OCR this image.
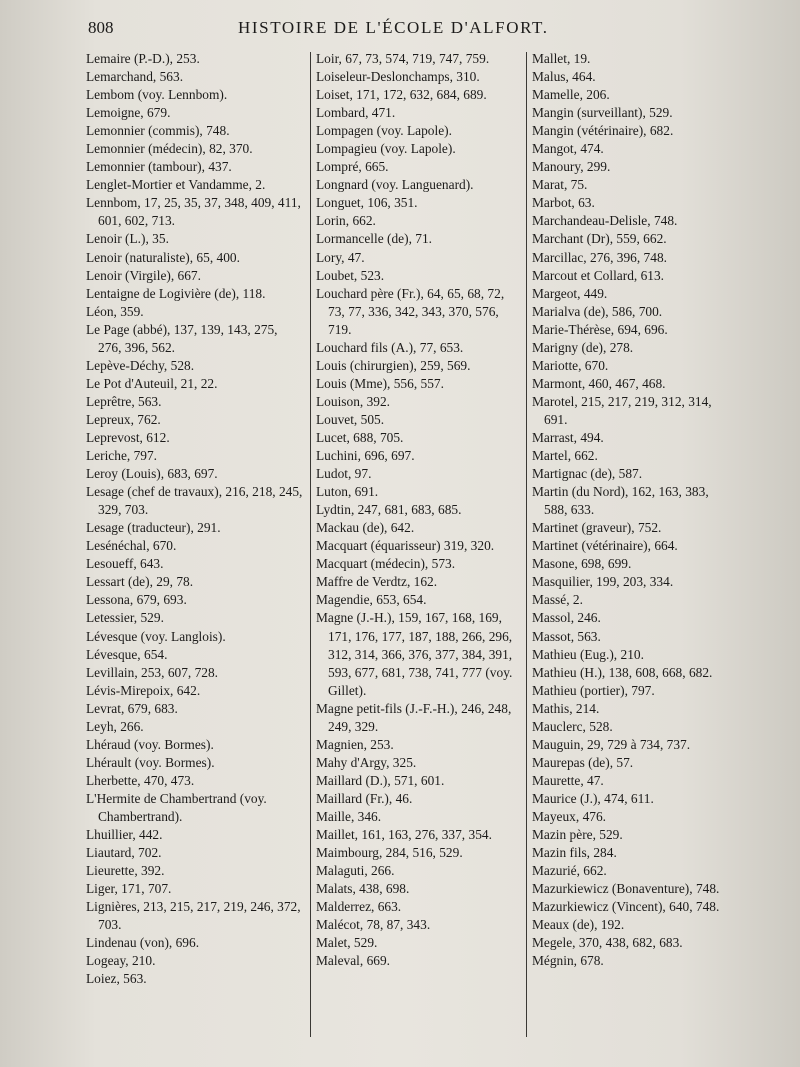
808	HISTOIRE DE L'ÉCOLE D'ALFORT.
Lemaire (P.-D.), 253.
Lemarchand, 563.
Lembom (voy. Lennbom).
Lemoigne, 679.
Lemonnier (commis), 748.
Lemonnier (médecin), 82, 370.
Lemonnier (tambour), 437.
Lenglet-Mortier et Vandamme, 2.
Lennbom, 17, 25, 35, 37, 348, 409, 411, 601, 602, 713.
Lenoir (L.), 35.
Lenoir (naturaliste), 65, 400.
Lenoir (Virgile), 667.
Lentaigne de Logivière (de), 118.
Léon, 359.
Le Page (abbé), 137, 139, 143, 275, 276, 396, 562.
Lepève-Déchy, 528.
Le Pot d'Auteuil, 21, 22.
Leprêtre, 563.
Lepreux, 762.
Leprevost, 612.
Leriche, 797.
Leroy (Louis), 683, 697.
Lesage (chef de travaux), 216, 218, 245, 329, 703.
Lesage (traducteur), 291.
Lesénéchal, 670.
Lesoueff, 643.
Lessart (de), 29, 78.
Lessona, 679, 693.
Letessier, 529.
Lévesque (voy. Langlois).
Lévesque, 654.
Levillain, 253, 607, 728.
Lévis-Mirepoix, 642.
Levrat, 679, 683.
Leyh, 266.
Lhéraud (voy. Bormes).
Lhérault (voy. Bormes).
Lherbette, 470, 473.
L'Hermite de Chambertrand (voy. Chambertrand).
Lhuillier, 442.
Liautard, 702.
Lieurette, 392.
Liger, 171, 707.
Lignières, 213, 215, 217, 219, 246, 372, 703.
Lindenau (von), 696.
Logeay, 210.
Loiez, 563.
Loir, 67, 73, 574, 719, 747, 759.
Loiseleur-Deslonchamps, 310.
Loiset, 171, 172, 632, 684, 689.
Lombard, 471.
Lompagen (voy. Lapole).
Lompagieu (voy. Lapole).
Lompré, 665.
Longnard (voy. Languenard).
Longuet, 106, 351.
Lorin, 662.
Lormancelle (de), 71.
Lory, 47.
Loubet, 523.
Louchard père (Fr.), 64, 65, 68, 72, 73, 77, 336, 342, 343, 370, 576, 719.
Louchard fils (A.), 77, 653.
Louis (chirurgien), 259, 569.
Louis (Mme), 556, 557.
Louison, 392.
Louvet, 505.
Lucet, 688, 705.
Luchini, 696, 697.
Ludot, 97.
Luton, 691.
Lydtin, 247, 681, 683, 685.
Mackau (de), 642.
Macquart (équarisseur) 319, 320.
Macquart (médecin), 573.
Maffre de Verdtz, 162.
Magendie, 653, 654.
Magne (J.-H.), 159, 167, 168, 169, 171, 176, 177, 187, 188, 266, 296, 312, 314, 366, 376, 377, 384, 391, 593, 677, 681, 738, 741, 777 (voy. Gillet).
Magne petit-fils (J.-F.-H.), 246, 248, 249, 329.
Magnien, 253.
Mahy d'Argy, 325.
Maillard (D.), 571, 601.
Maillard (Fr.), 46.
Maille, 346.
Maillet, 161, 163, 276, 337, 354.
Maimbourg, 284, 516, 529.
Malaguti, 266.
Malats, 438, 698.
Malderrez, 663.
Malécot, 78, 87, 343.
Malet, 529.
Maleval, 669.
Mallet, 19.
Malus, 464.
Mamelle, 206.
Mangin (surveillant), 529.
Mangin (vétérinaire), 682.
Mangot, 474.
Manoury, 299.
Marat, 75.
Marbot, 63.
Marchandeau-Delisle, 748.
Marchant (Dr), 559, 662.
Marcillac, 276, 396, 748.
Marcout et Collard, 613.
Margeot, 449.
Marialva (de), 586, 700.
Marie-Thérèse, 694, 696.
Marigny (de), 278.
Mariotte, 670.
Marmont, 460, 467, 468.
Marotel, 215, 217, 219, 312, 314, 691.
Marrast, 494.
Martel, 662.
Martignac (de), 587.
Martin (du Nord), 162, 163, 383, 588, 633.
Martinet (graveur), 752.
Martinet (vétérinaire), 664.
Masone, 698, 699.
Masquilier, 199, 203, 334.
Massé, 2.
Massol, 246.
Massot, 563.
Mathieu (Eug.), 210.
Mathieu (H.), 138, 608, 668, 682.
Mathieu (portier), 797.
Mathis, 214.
Mauclerc, 528.
Mauguin, 29, 729 à 734, 737.
Maurepas (de), 57.
Maurette, 47.
Maurice (J.), 474, 611.
Mayeux, 476.
Mazin père, 529.
Mazin fils, 284.
Mazurié, 662.
Mazurkiewicz (Bonaventure), 748.
Mazurkiewicz (Vincent), 640, 748.
Meaux (de), 192.
Megele, 370, 438, 682, 683.
Mégnin, 678.
